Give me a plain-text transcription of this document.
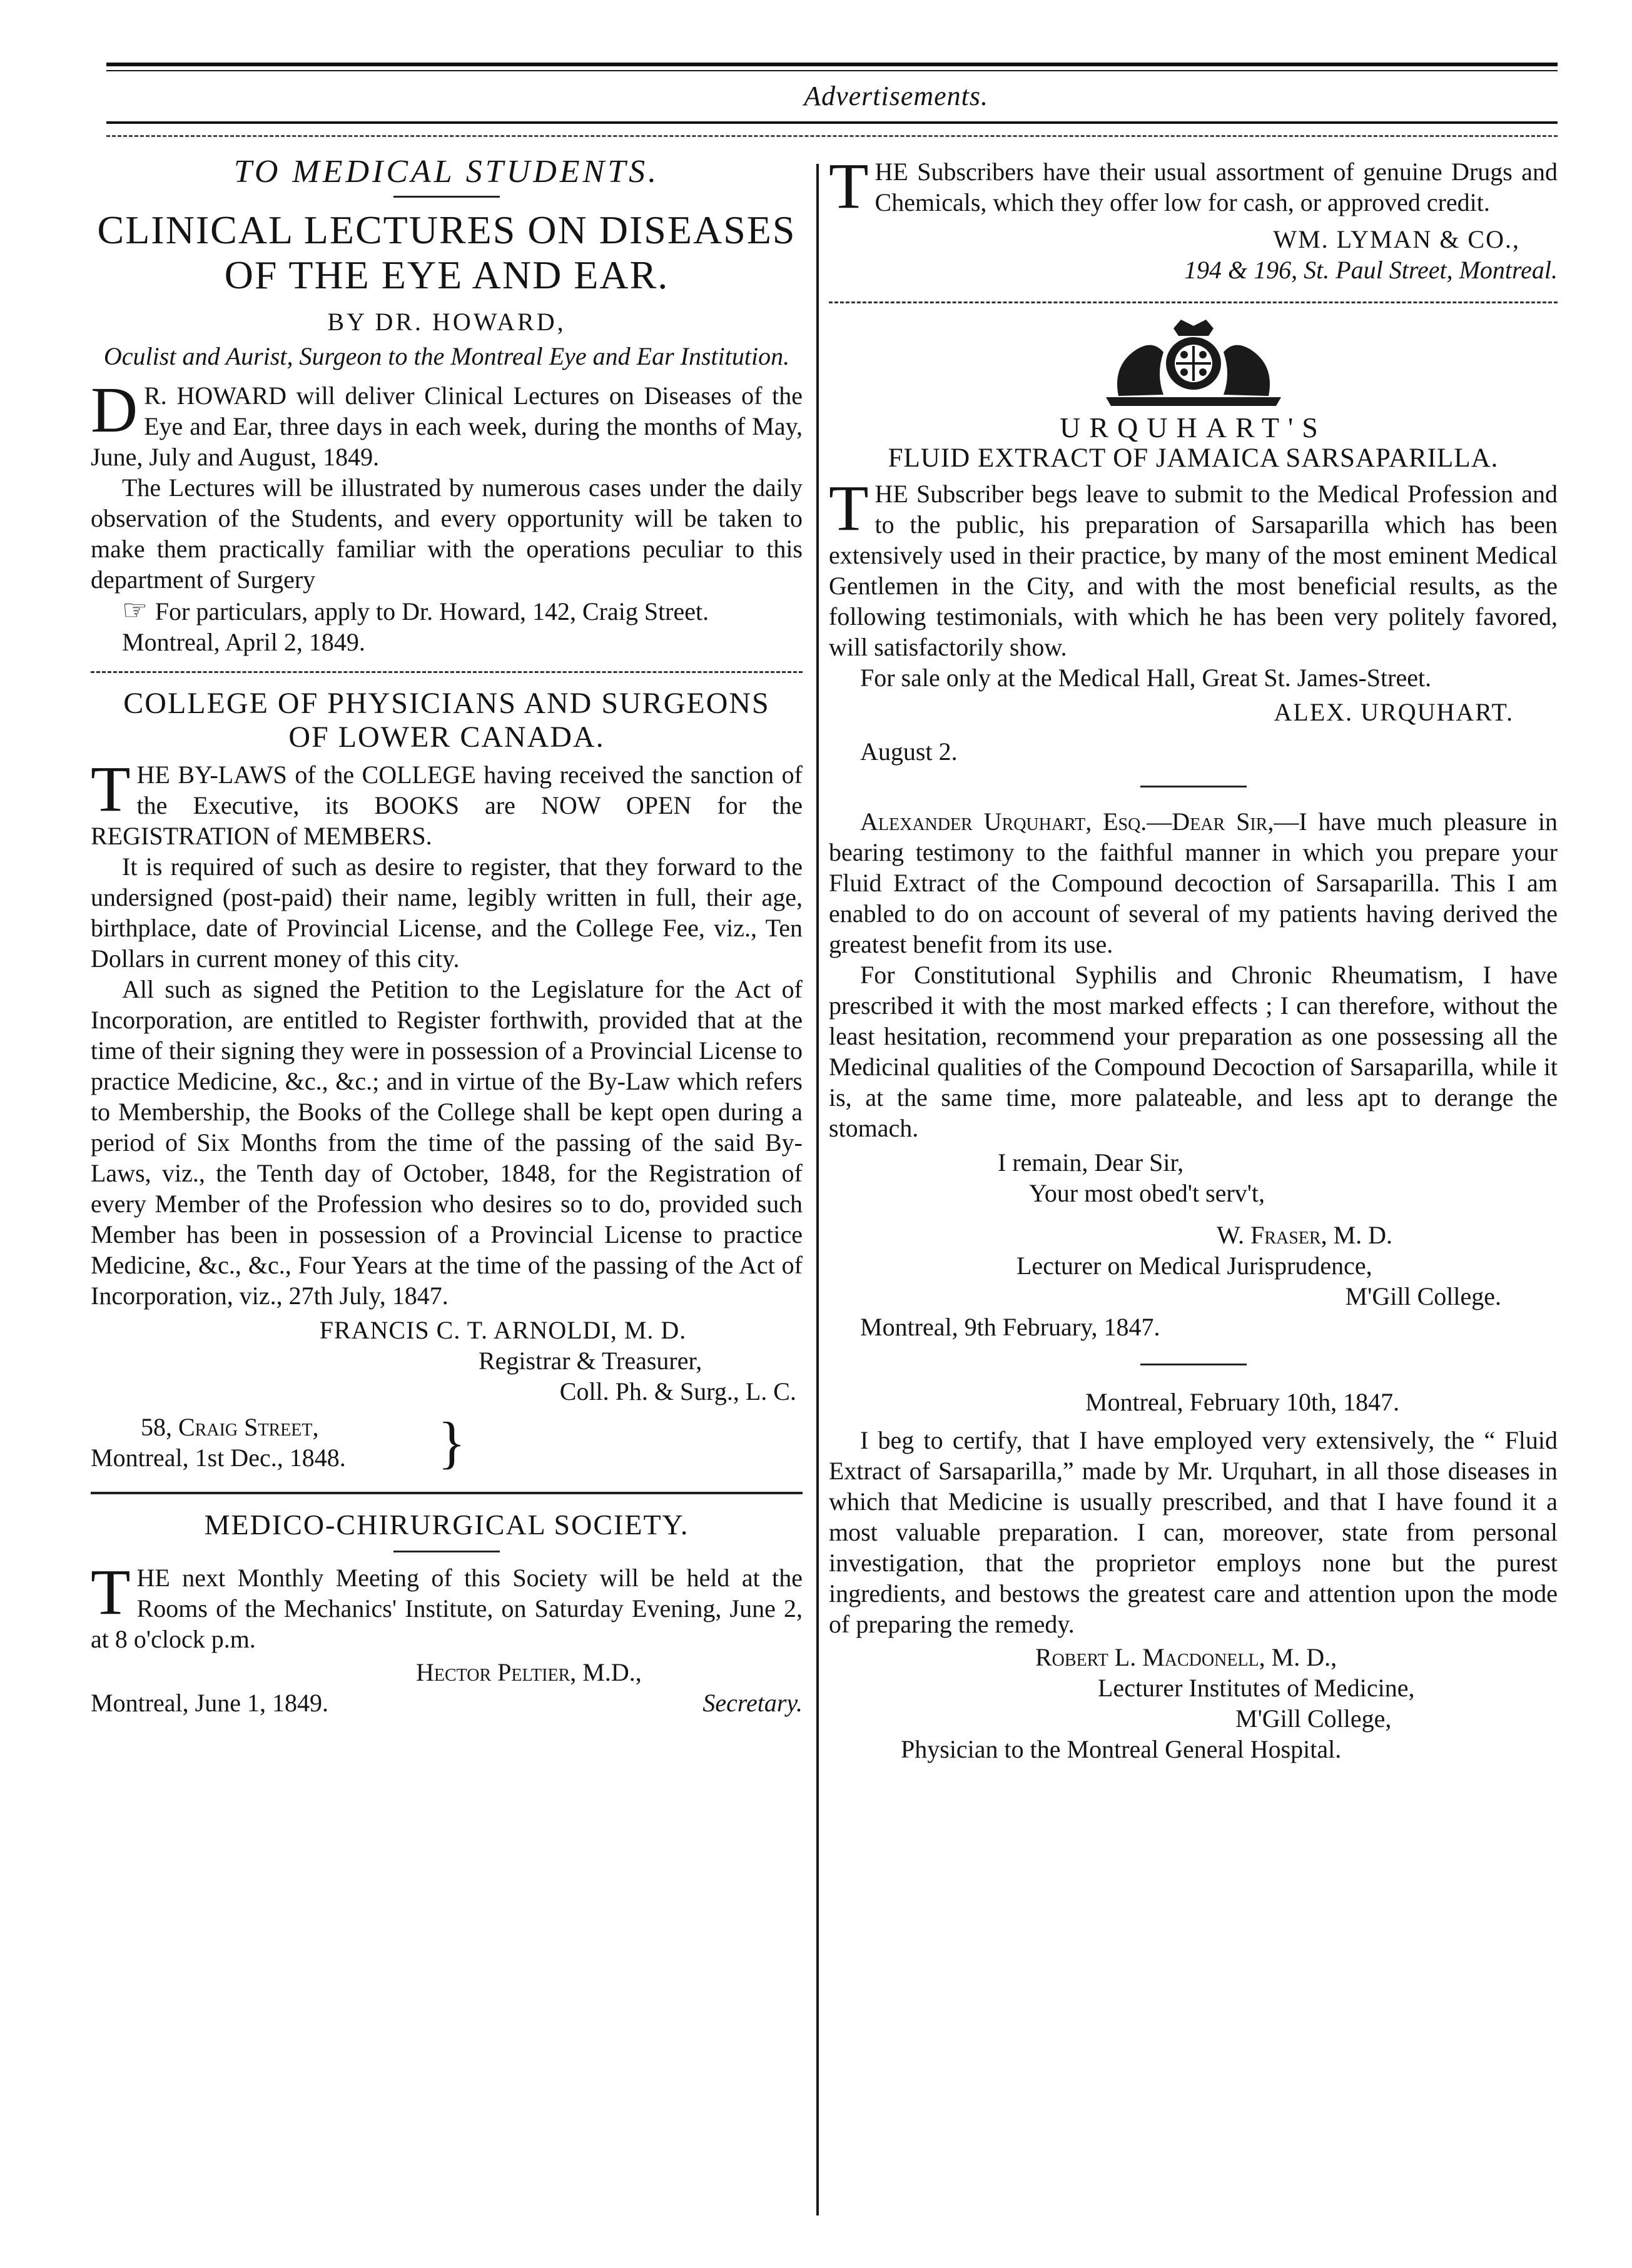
Advertisements.

TO MEDICAL STUDENTS.

CLINICAL LECTURES ON DISEASES

OF THE EYE AND EAR.

BY DR. HOWARD,

Oculist and Aurist, Surgeon to the Montreal Eye and Ear Institution.

D R. HOWARD will deliver Clinical Lectures on Diseases of the Eye and Ear, three days in each week, during the months of May, June, July and August, 1849.

The Lectures will be illustrated by numerous cases under the daily observation of the Students, and every opportunity will be taken to make them practically familiar with the operations peculiar to this department of Surgery

☞ For particulars, apply to Dr. Howard, 142, Craig Street.

Montreal, April 2, 1849.

COLLEGE OF PHYSICIANS AND SURGEONS

OF LOWER CANADA.

THE BY-LAWS of the COLLEGE having received the sanction of the Executive, its BOOKS are NOW OPEN for the REGISTRATION of MEMBERS.

It is required of such as desire to register, that they forward to the undersigned (post-paid) their name, legibly written in full, their age, birthplace, date of Provincial License, and the College Fee, viz., Ten Dollars in current money of this city.

All such as signed the Petition to the Legislature for the Act of Incorporation, are entitled to Register forthwith, provided that at the time of their signing they were in possession of a Provincial License to practice Medicine, &c., &c.; and in virtue of the By-Law which refers to Membership, the Books of the College shall be kept open during a period of Six Months from the time of the passing of the said By-Laws, viz., the Tenth day of October, 1848, for the Registration of every Member of the Profession who desires so to do, provided such Member has been in possession of a Provincial License to practice Medicine, &c., &c., Four Years at the time of the passing of the Act of Incorporation, viz., 27th July, 1847.

FRANCIS C. T. ARNOLDI, M. D.

Registrar & Treasurer,

Coll. Ph. & Surg., L. C.

58, Craig Street,

Montreal, 1st Dec., 1848.	}

MEDICO-CHIRURGICAL SOCIETY.

THE next Monthly Meeting of this Society will be held at the Rooms of the Mechanics' Institute, on Saturday Evening, June 2, at 8 o'clock p.m.

Hector Peltier, M.D.,

Montreal, June 1, 1849.	Secretary.

THE Subscribers have their usual assortment of genuine Drugs and Chemicals, which they offer low for cash, or approved credit.

WM. LYMAN & CO.,

194 & 196, St. Paul Street, Montreal.

URQUHART'S

FLUID EXTRACT OF JAMAICA SARSAPARILLA.

THE Subscriber begs leave to submit to the Medical Profession and to the public, his preparation of Sarsaparilla which has been extensively used in their practice, by many of the most eminent Medical Gentlemen in the City, and with the most beneficial results, as the following testimonials, with which he has been very politely favored, will satisfactorily show.

For sale only at the Medical Hall, Great St. James-Street.

ALEX. URQUHART.

August 2.

Alexander Urquhart, Esq.—Dear Sir,—I have much pleasure in bearing testimony to the faithful manner in which you prepare your Fluid Extract of the Compound decoction of Sarsaparilla. This I am enabled to do on account of several of my patients having derived the greatest benefit from its use.

For Constitutional Syphilis and Chronic Rheumatism, I have prescribed it with the most marked effects ; I can therefore, without the least hesitation, recommend your preparation as one possessing all the Medicinal qualities of the Compound Decoction of Sarsaparilla, while it is, at the same time, more palateable, and less apt to derange the stomach.

I remain, Dear Sir,

Your most obed't serv't,

W. Fraser, M. D.

Lecturer on Medical Jurisprudence,

M'Gill College.

Montreal, 9th February, 1847.

Montreal, February 10th, 1847.

I beg to certify, that I have employed very extensively, the “ Fluid Extract of Sarsaparilla,” made by Mr. Urquhart, in all those diseases in which that Medicine is usually prescribed, and that I have found it a most valuable preparation. I can, moreover, state from personal investigation, that the proprietor employs none but the purest ingredients, and bestows the greatest care and attention upon the mode of preparing the remedy.

Robert L. Macdonell, M. D.,

Lecturer Institutes of Medicine,

M'Gill College,

Physician to the Montreal General Hospital.
